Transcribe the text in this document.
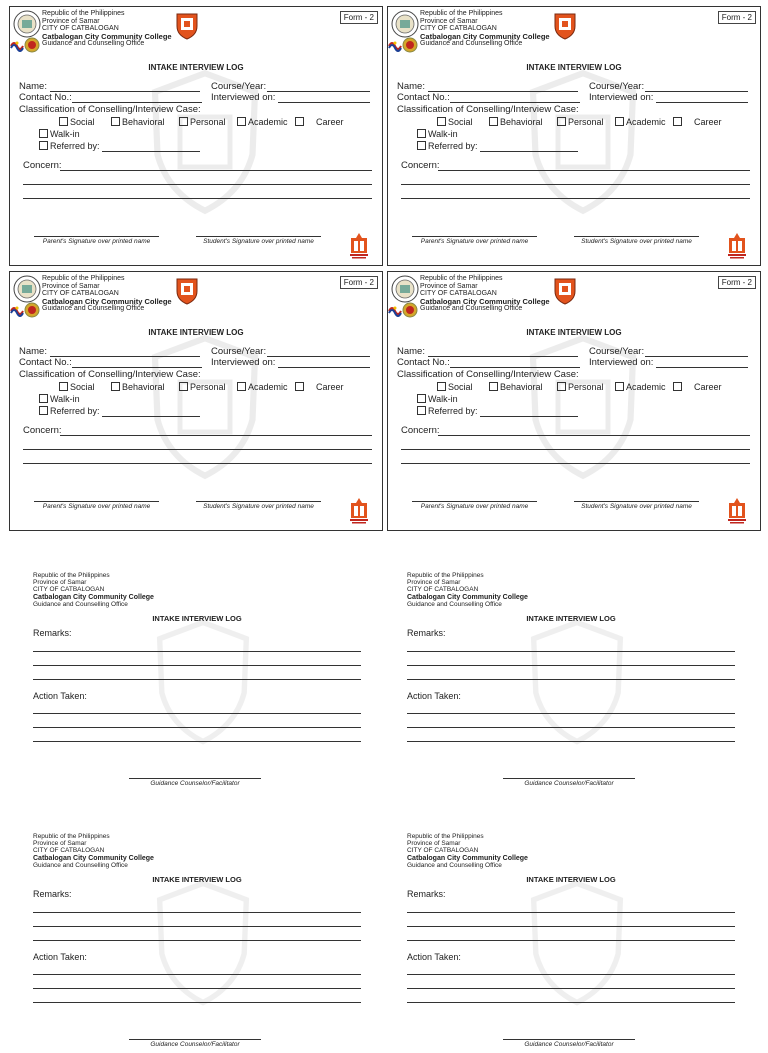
Form - 2
Republic of the Philippines
Province of Samar
CITY OF CATBALOGAN
Catbalogan City Community College
Guidance and Counselling Office
INTAKE INTERVIEW LOG
Name:	Course/Year:
Contact No.:	Interviewed on:
Classification of Conselling/Interview Case:
Social	Behavioral	Personal	Academic	Career
Walk-in
Referred by:
Concern:
Parent's Signature over printed name	Student's Signature over printed name
Form - 2
Republic of the Philippines
Province of Samar
CITY OF CATBALOGAN
Catbalogan City Community College
Guidance and Counselling Office
INTAKE INTERVIEW LOG
Name:	Course/Year:
Contact No.:	Interviewed on:
Classification of Conselling/Interview Case:
Social	Behavioral	Personal	Academic	Career
Walk-in
Referred by:
Concern:
Parent's Signature over printed name	Student's Signature over printed name
Form - 2
Republic of the Philippines
Province of Samar
CITY OF CATBALOGAN
Catbalogan City Community College
Guidance and Counselling Office
INTAKE INTERVIEW LOG
Name:	Course/Year:
Contact No.:	Interviewed on:
Classification of Conselling/Interview Case:
Social	Behavioral	Personal	Academic	Career
Walk-in
Referred by:
Concern:
Parent's Signature over printed name	Student's Signature over printed name
Form - 2
Republic of the Philippines
Province of Samar
CITY OF CATBALOGAN
Catbalogan City Community College
Guidance and Counselling Office
INTAKE INTERVIEW LOG
Name:	Course/Year:
Contact No.:	Interviewed on:
Classification of Conselling/Interview Case:
Social	Behavioral	Personal	Academic	Career
Walk-in
Referred by:
Concern:
Parent's Signature over printed name	Student's Signature over printed name
Republic of the Philippines
Province of Samar
CITY OF CATBALOGAN
Catbalogan City Community College
Guidance and Counselling Office
INTAKE INTERVIEW LOG
Remarks:
Action Taken:
Guidance Counselor/Facilitator
Republic of the Philippines
Province of Samar
CITY OF CATBALOGAN
Catbalogan City Community College
Guidance and Counselling Office
INTAKE INTERVIEW LOG
Remarks:
Action Taken:
Guidance Counselor/Facilitator
Republic of the Philippines
Province of Samar
CITY OF CATBALOGAN
Catbalogan City Community College
Guidance and Counselling Office
INTAKE INTERVIEW LOG
Remarks:
Action Taken:
Guidance Counselor/Facilitator
Republic of the Philippines
Province of Samar
CITY OF CATBALOGAN
Catbalogan City Community College
Guidance and Counselling Office
INTAKE INTERVIEW LOG
Remarks:
Action Taken:
Guidance Counselor/Facilitator
